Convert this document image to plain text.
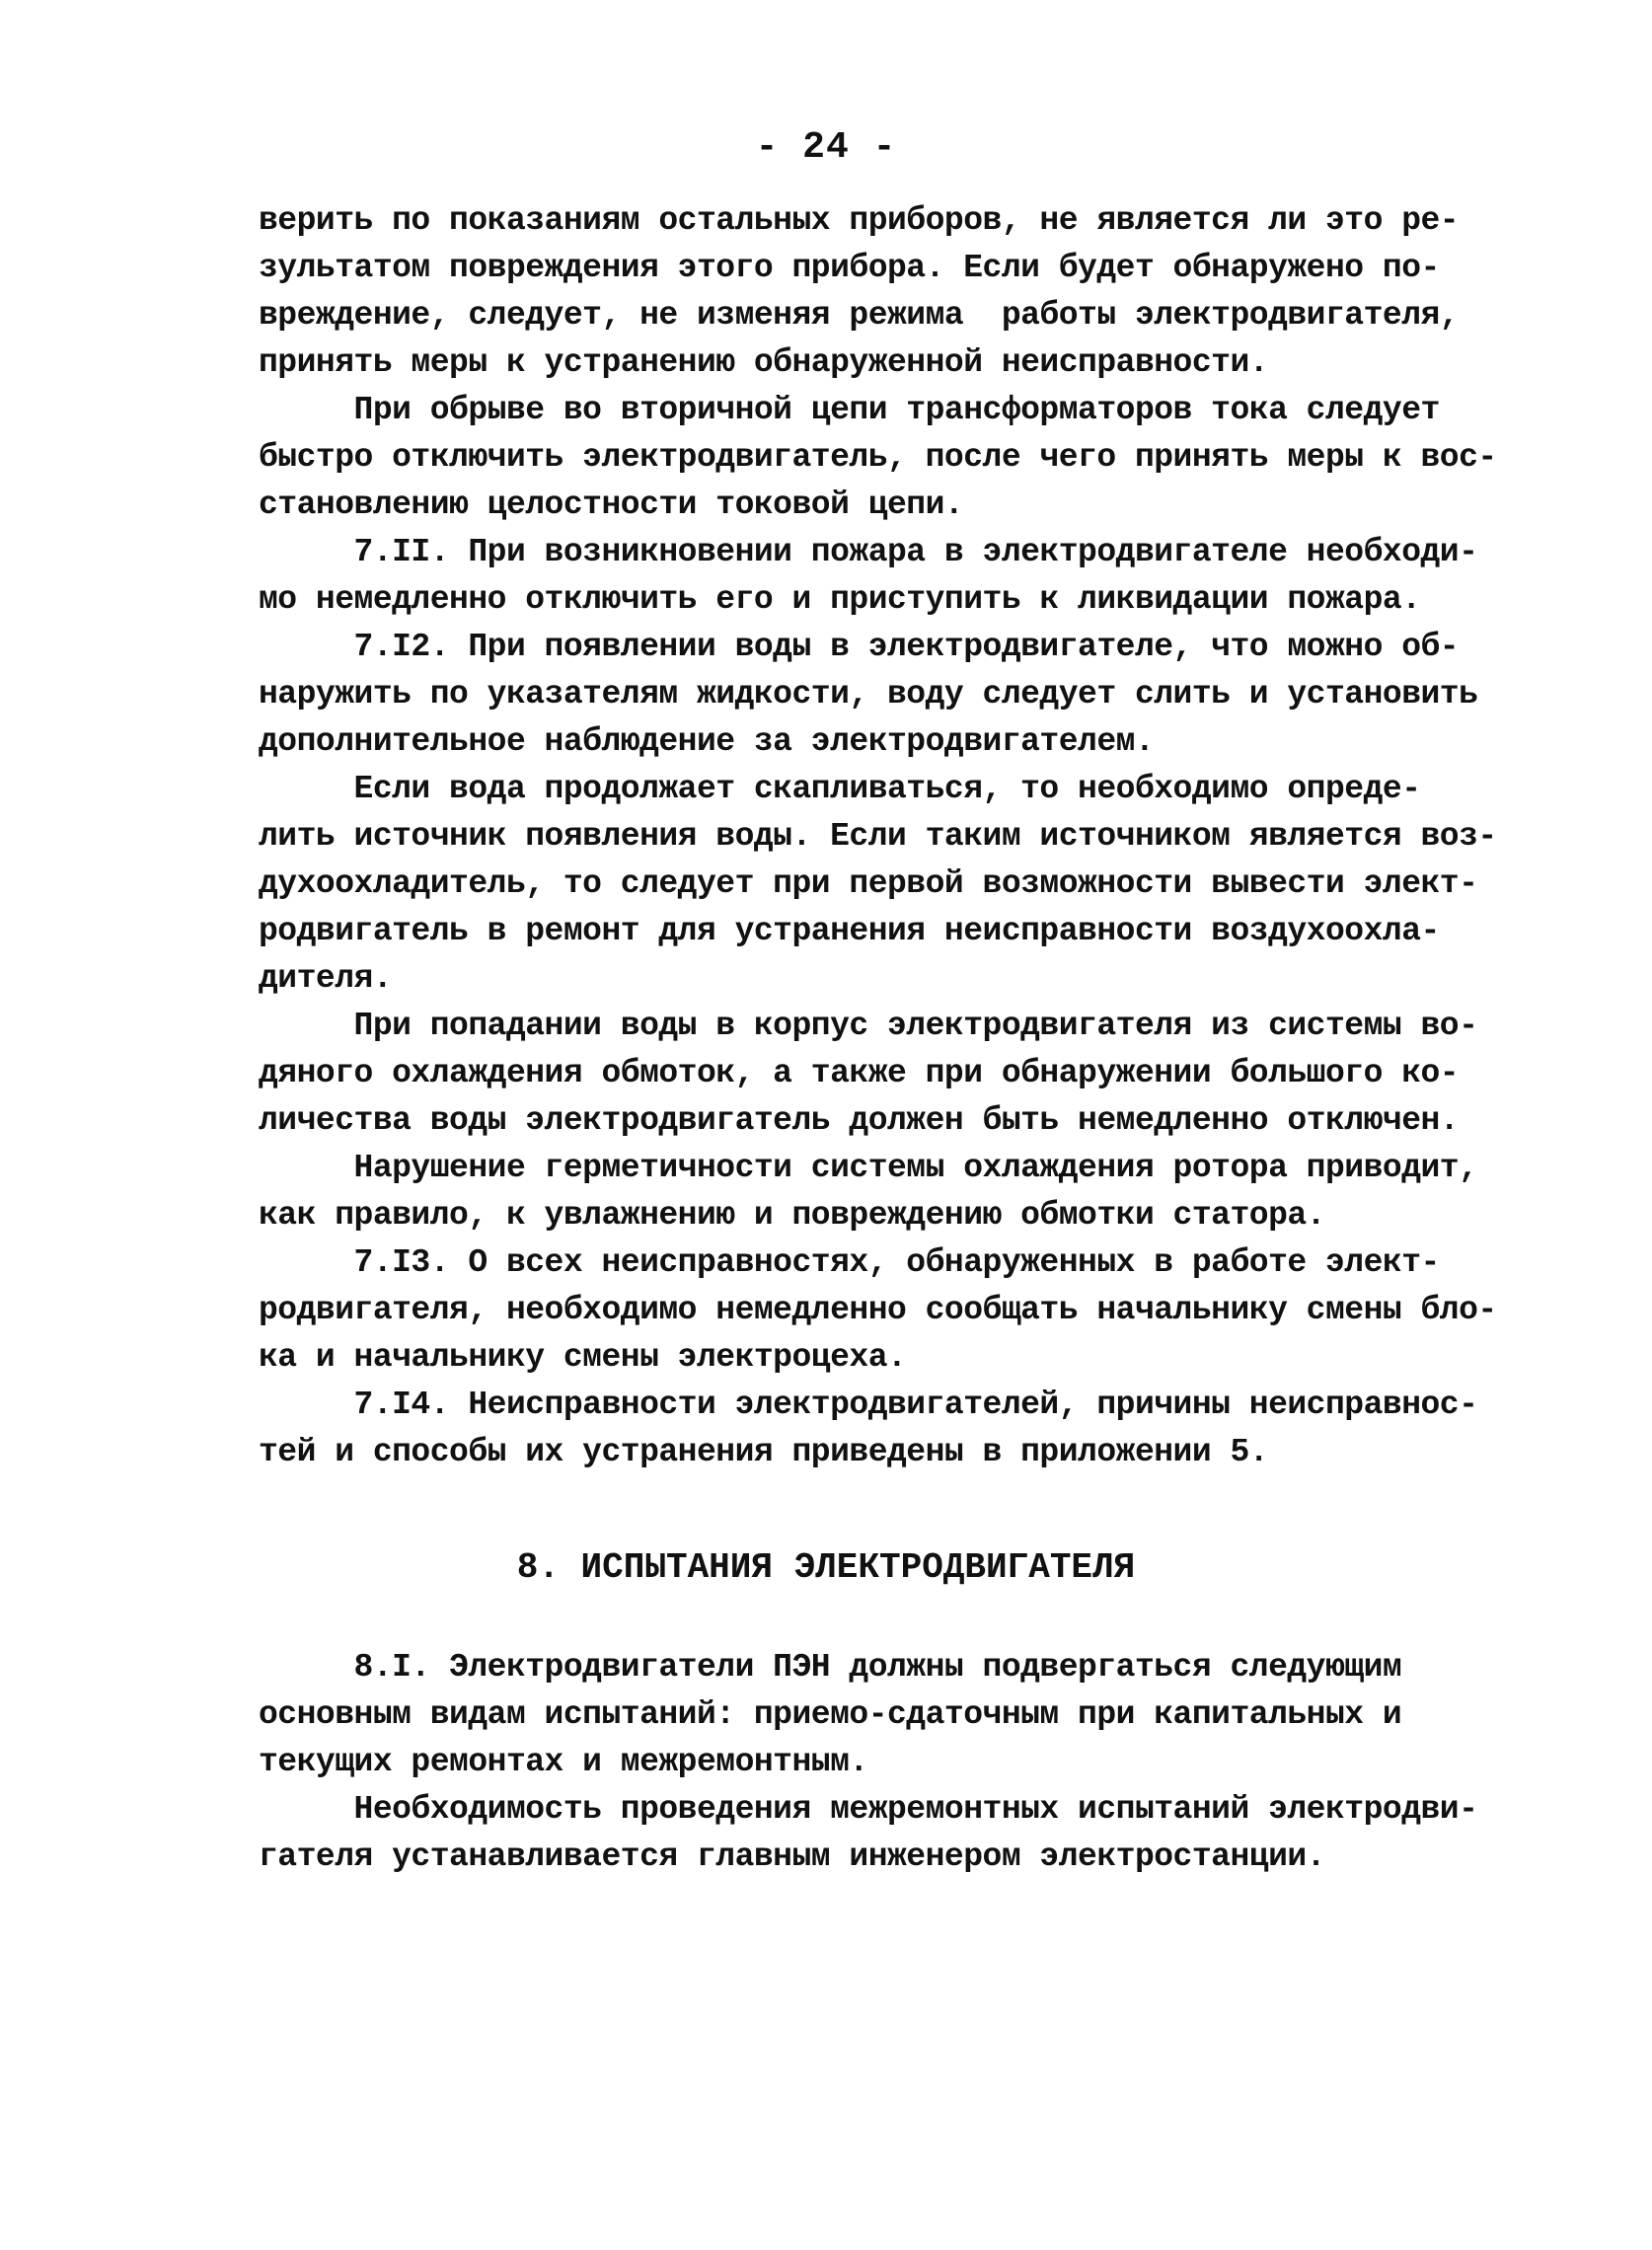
- 24 -
верить по показаниям остальных приборов, не является ли это ре-
зультатом повреждения этого прибора. Если будет обнаружено по-
вреждение, следует, не изменяя режима  работы электродвигателя,
принять меры к устранению обнаруженной неисправности.
При обрыве во вторичной цепи трансформаторов тока следует
быстро отключить электродвигатель, после чего принять меры к вос-
становлению целостности токовой цепи.
7.II. При возникновении пожара в электродвигателе необходи-
мо немедленно отключить его и приступить к ликвидации пожара.
7.I2. При появлении воды в электродвигателе, что можно об-
наружить по указателям жидкости, воду следует слить и установить
дополнительное наблюдение за электродвигателем.
Если вода продолжает скапливаться, то необходимо опреде-
лить источник появления воды. Если таким источником является воз-
духоохладитель, то следует при первой возможности вывести элект-
родвигатель в ремонт для устранения неисправности воздухоохла-
дителя.
При попадании воды в корпус электродвигателя из системы во-
дяного охлаждения обмоток, а также при обнаружении большого ко-
личества воды электродвигатель должен быть немедленно отключен.
Нарушение герметичности системы охлаждения ротора приводит,
как правило, к увлажнению и повреждению обмотки статора.
7.I3. О всех неисправностях, обнаруженных в работе элект-
родвигателя, необходимо немедленно сообщать начальнику смены бло-
ка и начальнику смены электроцеха.
7.I4. Неисправности электродвигателей, причины неисправнос-
тей и способы их устранения приведены в приложении 5.
8. ИСПЫТАНИЯ ЭЛЕКТРОДВИГАТЕЛЯ
8.I. Электродвигатели ПЭН должны подвергаться следующим
основным видам испытаний: приемо-сдаточным при капитальных и
текущих ремонтах и межремонтным.
Необходимость проведения межремонтных испытаний электродви-
гателя устанавливается главным инженером электростанции.
